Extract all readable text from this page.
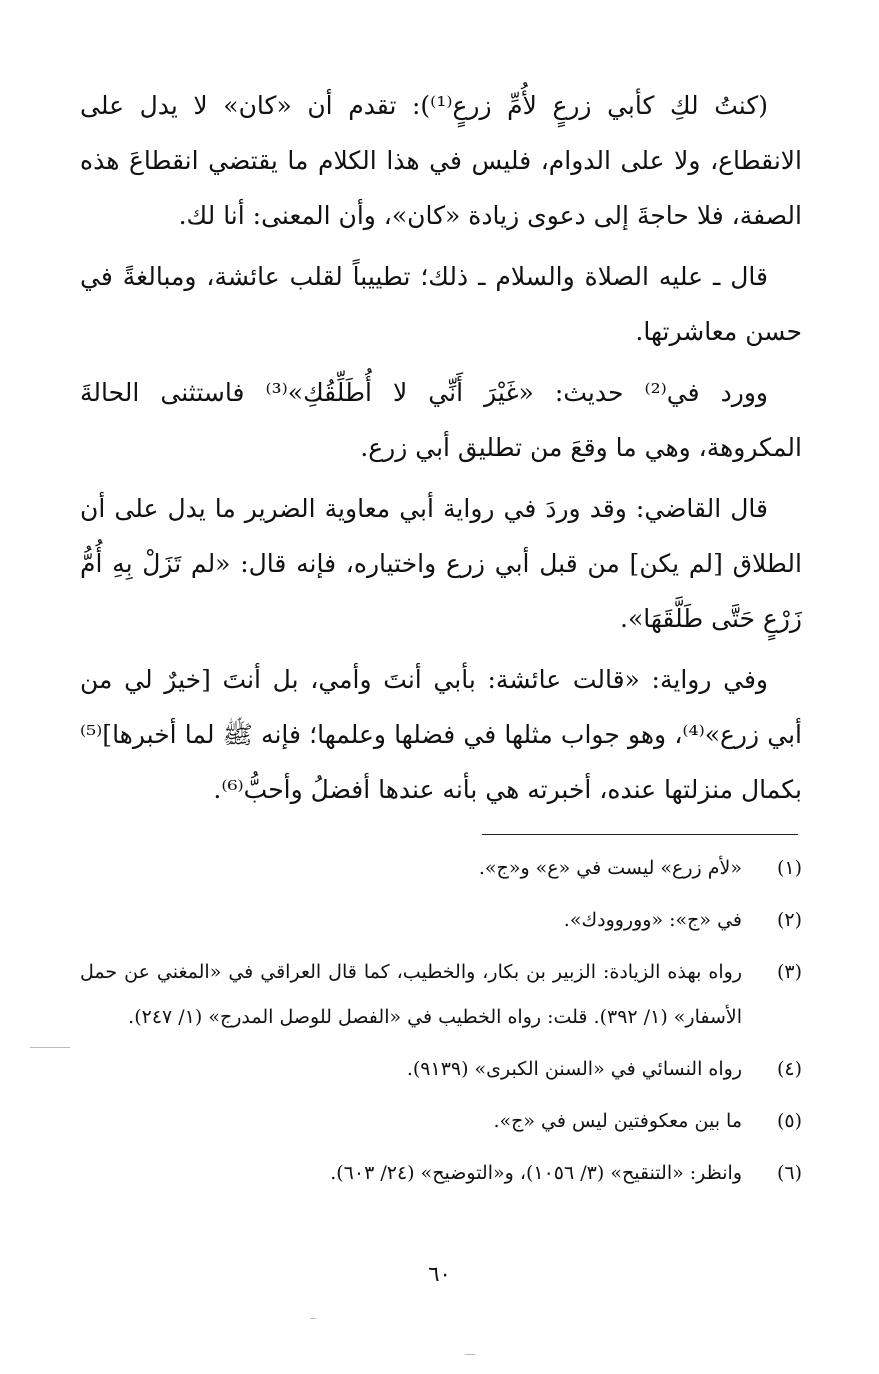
(كنتُ لكِ كأبي زرعٍ لأُمِّ زرعٍ⁽¹⁾): تقدم أن «كان» لا يدل على الانقطاع، ولا على الدوام، فليس في هذا الكلام ما يقتضي انقطاعَ هذه الصفة، فلا حاجةَ إلى دعوى زيادة «كان»، وأن المعنى: أنا لك.

قال ـ عليه الصلاة والسلام ـ ذلك؛ تطييباً لقلب عائشة، ومبالغةً في حسن معاشرتها.

وورد في⁽²⁾ حديث: «غَيْرَ أَنِّي لا أُطَلِّقُكِ»⁽³⁾ فاستثنى الحالةَ المكروهة، وهي ما وقعَ من تطليق أبي زرع.

قال القاضي: وقد وردَ في رواية أبي معاوية الضرير ما يدل على أن الطلاق [لم يكن] من قبل أبي زرع واختياره، فإنه قال: «لم تَزَلْ بِهِ أُمُّ زَرْعٍ حَتَّى طَلَّقَهَا».

وفي رواية: «قالت عائشة: بأبي أنتَ وأمي، بل أنتَ [خيرٌ لي من أبي زرع»⁽⁴⁾، وهو جواب مثلها في فضلها وعلمها؛ فإنه ﷺ لما أخبرها]⁽⁵⁾ بكمال منزلتها عنده، أخبرته هي بأنه عندها أفضلُ وأحبُّ⁽⁶⁾.

(١)
«لأم زرع» ليست في «ع» و«ج».
(٢)
في «ج»: «ووروودك».
(٣)
رواه بهذه الزيادة: الزبير بن بكار، والخطيب، كما قال العراقي في «المغني عن حمل الأسفار» (١/ ٣٩٢). قلت: رواه الخطيب في «الفصل للوصل المدرج» (١/ ٢٤٧).
(٤)
رواه النسائي في «السنن الكبرى» (٩١٣٩).
(٥)
ما بين معكوفتين ليس في «ج».
(٦)
وانظر: «التنقيح» (٣/ ١٠٥٦)، و«التوضيح» (٢٤/ ٦٠٣).
٦٠
